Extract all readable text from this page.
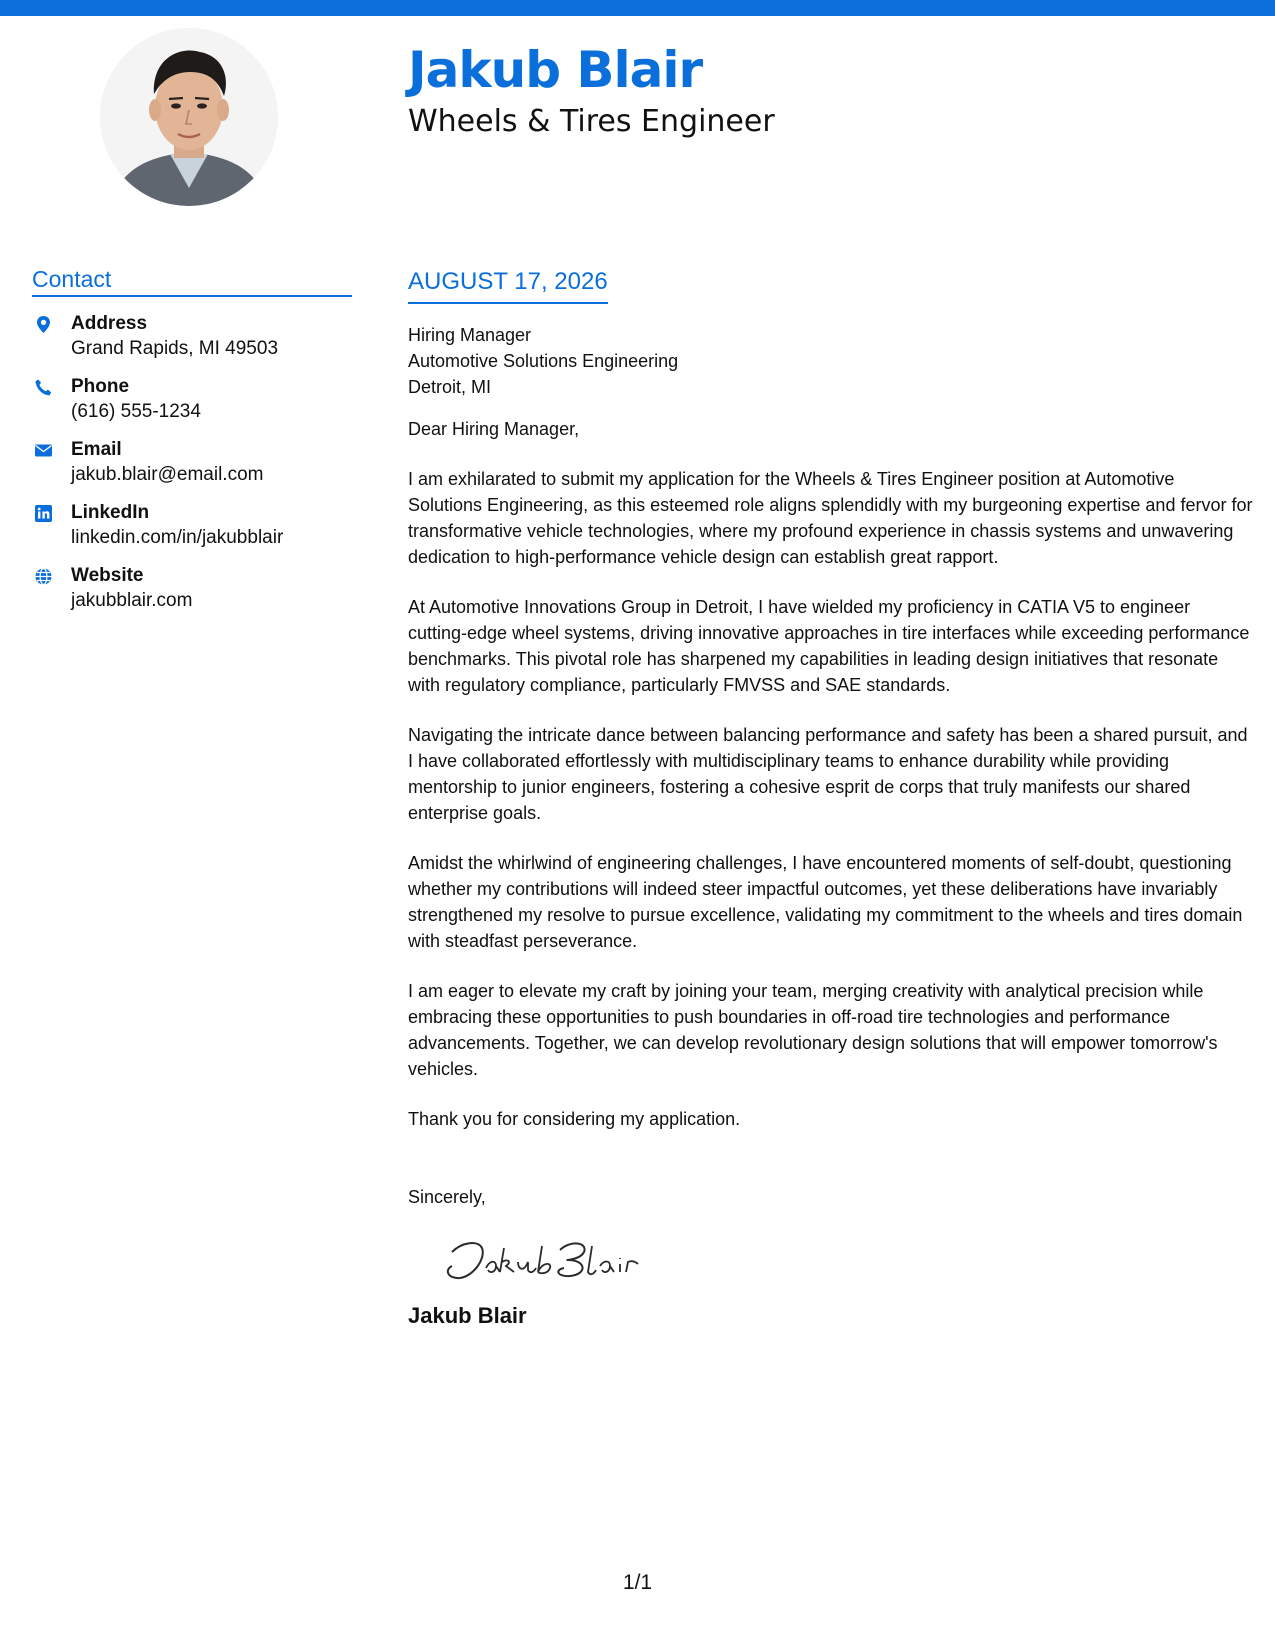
Jakub Blair
Wheels & Tires Engineer
Contact
Address
Grand Rapids, MI 49503
Phone
(616) 555-1234
Email
jakub.blair@email.com
LinkedIn
linkedin.com/in/jakubblair
Website
jakubblair.com
AUGUST 17, 2026
Hiring Manager
Automotive Solutions Engineering
Detroit, MI
Dear Hiring Manager,

I am exhilarated to submit my application for the Wheels & Tires Engineer position at Automotive Solutions Engineering, as this esteemed role aligns splendidly with my burgeoning expertise and fervor for transformative vehicle technologies, where my profound experience in chassis systems and unwavering dedication to high-performance vehicle design can establish great rapport.

At Automotive Innovations Group in Detroit, I have wielded my proficiency in CATIA V5 to engineer cutting-edge wheel systems, driving innovative approaches in tire interfaces while exceeding performance benchmarks. This pivotal role has sharpened my capabilities in leading design initiatives that resonate with regulatory compliance, particularly FMVSS and SAE standards.

Navigating the intricate dance between balancing performance and safety has been a shared pursuit, and I have collaborated effortlessly with multidisciplinary teams to enhance durability while providing mentorship to junior engineers, fostering a cohesive esprit de corps that truly manifests our shared enterprise goals.

Amidst the whirlwind of engineering challenges, I have encountered moments of self-doubt, questioning whether my contributions will indeed steer impactful outcomes, yet these deliberations have invariably strengthened my resolve to pursue excellence, validating my commitment to the wheels and tires domain with steadfast perseverance.

I am eager to elevate my craft by joining your team, merging creativity with analytical precision while embracing these opportunities to push boundaries in off-road tire technologies and performance advancements. Together, we can develop revolutionary design solutions that will empower tomorrow's vehicles.

Thank you for considering my application.

Sincerely,
Jakub Blair
1/1
